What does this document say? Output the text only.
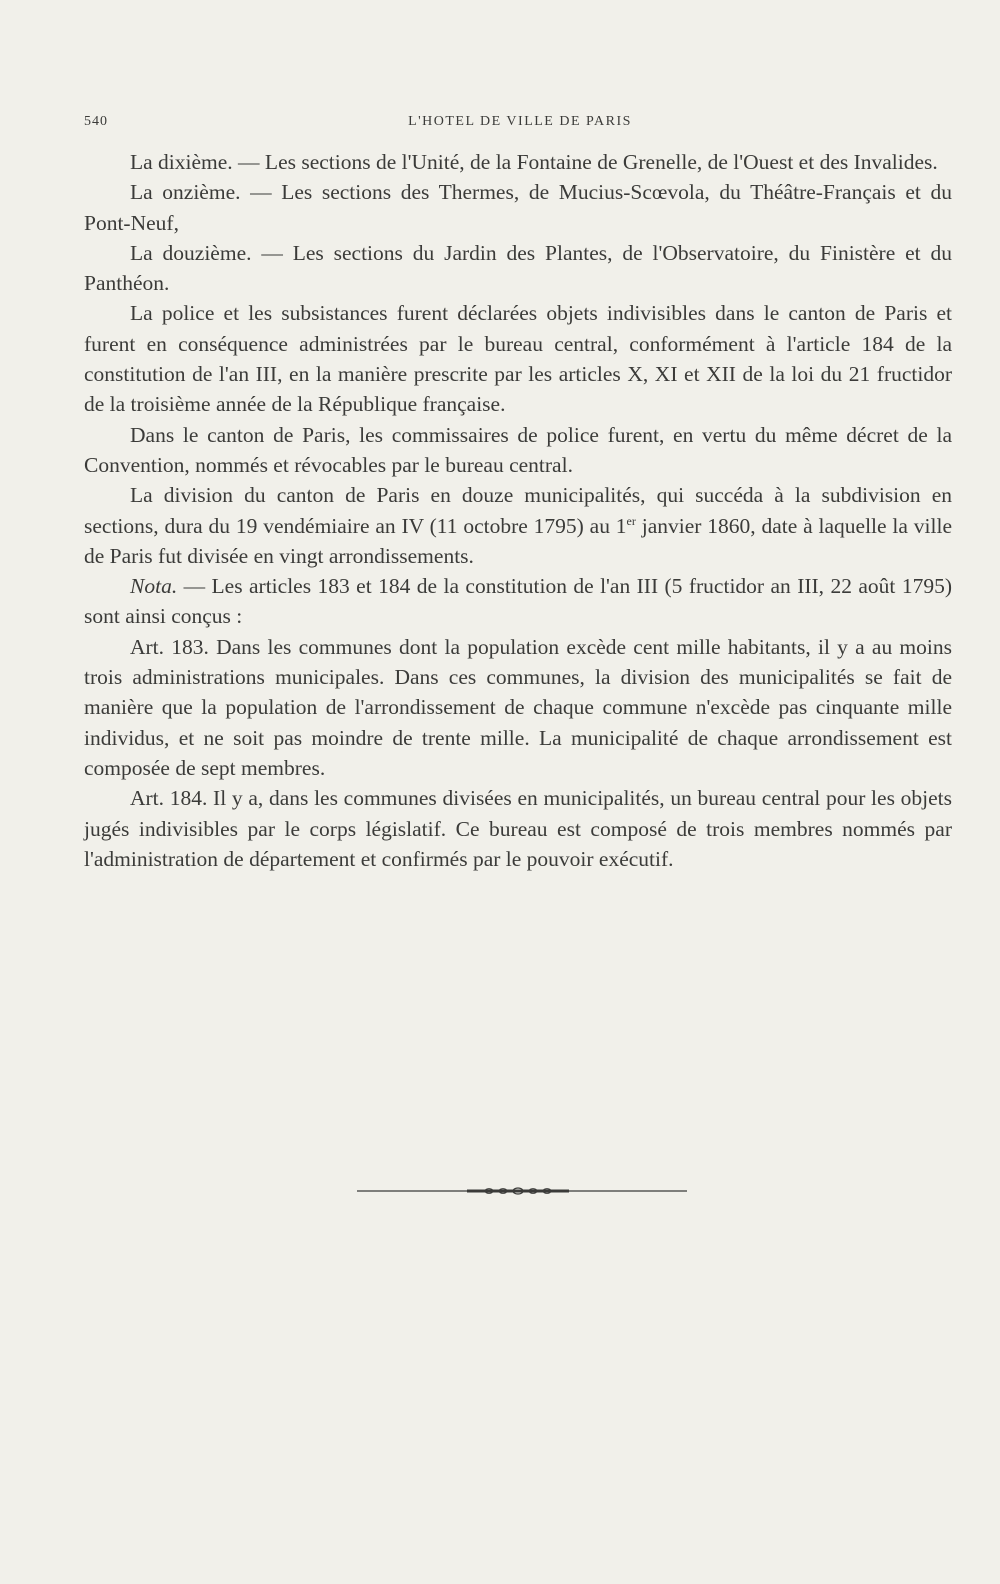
540	L'HOTEL DE VILLE DE PARIS

La dixième. — Les sections de l'Unité, de la Fontaine de Grenelle, de l'Ouest et des Invalides.

La onzième. — Les sections des Thermes, de Mucius-Scœvola, du Théâtre-Français et du Pont-Neuf,

La douzième. — Les sections du Jardin des Plantes, de l'Observatoire, du Finistère et du Panthéon.

La police et les subsistances furent déclarées objets indivisibles dans le canton de Paris et furent en conséquence administrées par le bureau central, conformément à l'article 184 de la constitution de l'an III, en la manière prescrite par les articles X, XI et XII de la loi du 21 fructidor de la troisième année de la République française.

Dans le canton de Paris, les commissaires de police furent, en vertu du même décret de la Convention, nommés et révocables par le bureau central.

La division du canton de Paris en douze municipalités, qui succéda à la subdivision en sections, dura du 19 vendémiaire an IV (11 octobre 1795) au 1er janvier 1860, date à laquelle la ville de Paris fut divisée en vingt arrondissements.

Nota. — Les articles 183 et 184 de la constitution de l'an III (5 fructidor an III, 22 août 1795) sont ainsi conçus :

Art. 183. Dans les communes dont la population excède cent mille habitants, il y a au moins trois administrations municipales. Dans ces communes, la division des municipalités se fait de manière que la population de l'arrondissement de chaque commune n'excède pas cinquante mille individus, et ne soit pas moindre de trente mille. La municipalité de chaque arrondissement est composée de sept membres.

Art. 184. Il y a, dans les communes divisées en municipalités, un bureau central pour les objets jugés indivisibles par le corps législatif. Ce bureau est composé de trois membres nommés par l'administration de département et confirmés par le pouvoir exécutif.
